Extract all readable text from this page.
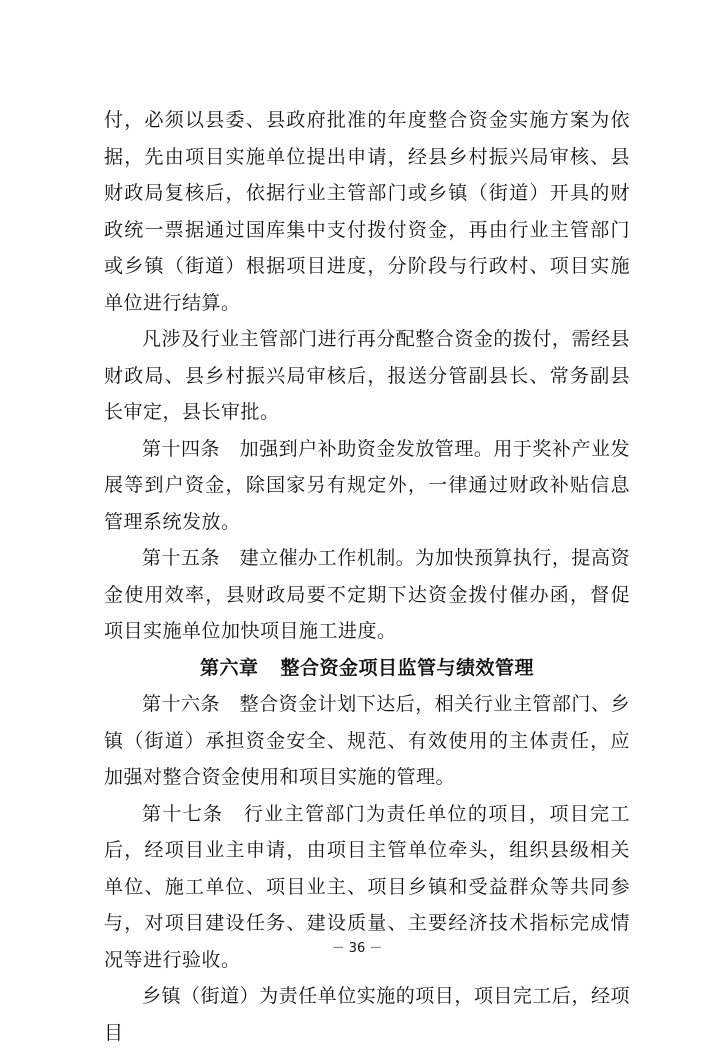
付，必须以县委、县政府批准的年度整合资金实施方案为依据，先由项目实施单位提出申请，经县乡村振兴局审核、县财政局复核后，依据行业主管部门或乡镇（街道）开具的财政统一票据通过国库集中支付拨付资金，再由行业主管部门或乡镇（街道）根据项目进度，分阶段与行政村、项目实施单位进行结算。

凡涉及行业主管部门进行再分配整合资金的拨付，需经县财政局、县乡村振兴局审核后，报送分管副县长、常务副县长审定，县长审批。

第十四条　 加强到户补助资金发放管理。用于奖补产业发展等到户资金，除国家另有规定外，一律通过财政补贴信息管理系统发放。

第十五条　 建立催办工作机制。为加快预算执行，提高资金使用效率，县财政局要不定期下达资金拨付催办函，督促项目实施单位加快项目施工进度。

第六章 整合资金项目监管与绩效管理

第十六条　 整合资金计划下达后，相关行业主管部门、乡镇（街道）承担资金安全、规范、有效使用的主体责任，应加强对整合资金使用和项目实施的管理。

第十七条　 行业主管部门为责任单位的项目，项目完工后，经项目业主申请，由项目主管单位牵头，组织县级相关单位、施工单位、项目业主、项目乡镇和受益群众等共同参与，对项目建设任务、建设质量、主要经济技术指标完成情况等进行验收。

乡镇（街道）为责任单位实施的项目，项目完工后，经项目

－ 36 －
